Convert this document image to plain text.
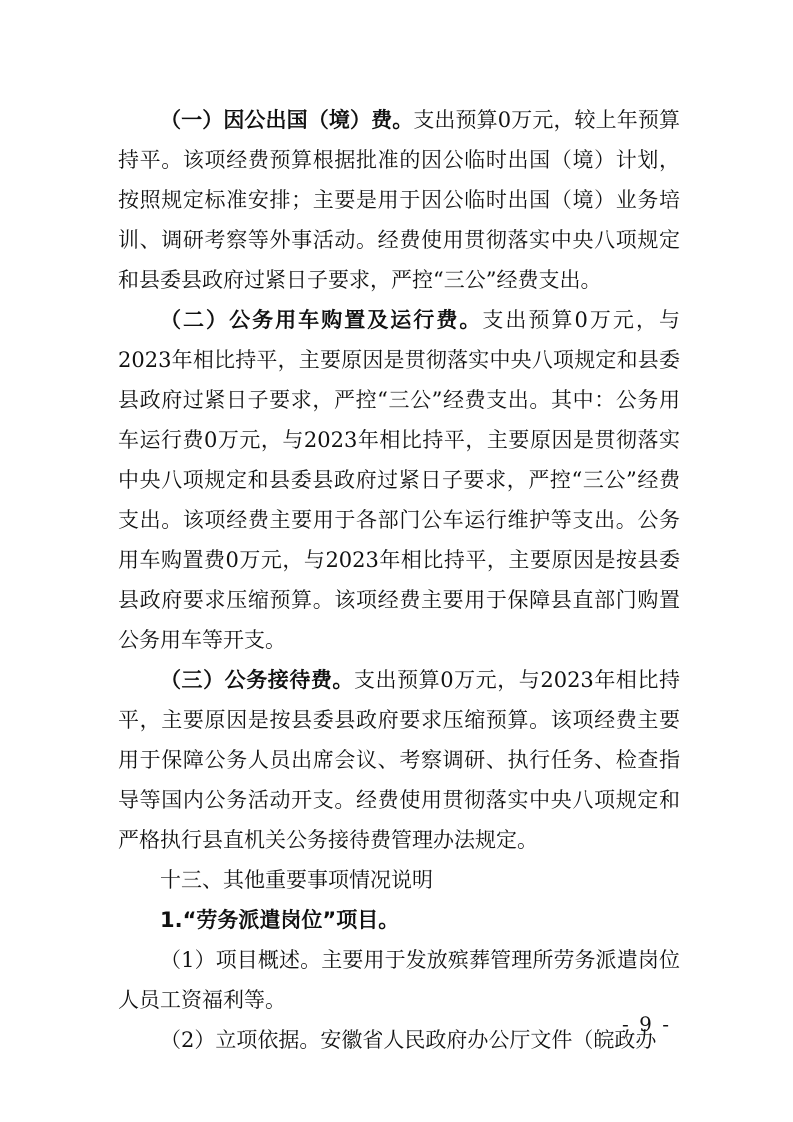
（一）因公出国（境）费。支出预算0万元，较上年预算持平。该项经费预算根据批准的因公临时出国（境）计划，按照规定标准安排；主要是用于因公临时出国（境）业务培训、调研考察等外事活动。经费使用贯彻落实中央八项规定和县委县政府过紧日子要求，严控“三公”经费支出。

（二）公务用车购置及运行费。支出预算0万元，与2023年相比持平，主要原因是贯彻落实中央八项规定和县委县政府过紧日子要求，严控“三公”经费支出。其中：公务用车运行费0万元，与2023年相比持平，主要原因是贯彻落实中央八项规定和县委县政府过紧日子要求，严控“三公”经费支出。该项经费主要用于各部门公车运行维护等支出。公务用车购置费0万元，与2023年相比持平，主要原因是按县委县政府要求压缩预算。该项经费主要用于保障县直部门购置公务用车等开支。

（三）公务接待费。支出预算0万元，与2023年相比持平，主要原因是按县委县政府要求压缩预算。该项经费主要用于保障公务人员出席会议、考察调研、执行任务、检查指导等国内公务活动开支。经费使用贯彻落实中央八项规定和严格执行县直机关公务接待费管理办法规定。

十三、其他重要事项情况说明

1.“劳务派遣岗位”项目。

（1）项目概述。主要用于发放殡葬管理所劳务派遣岗位人员工资福利等。

（2）立项依据。安徽省人民政府办公厅文件（皖政办

- 9 -
